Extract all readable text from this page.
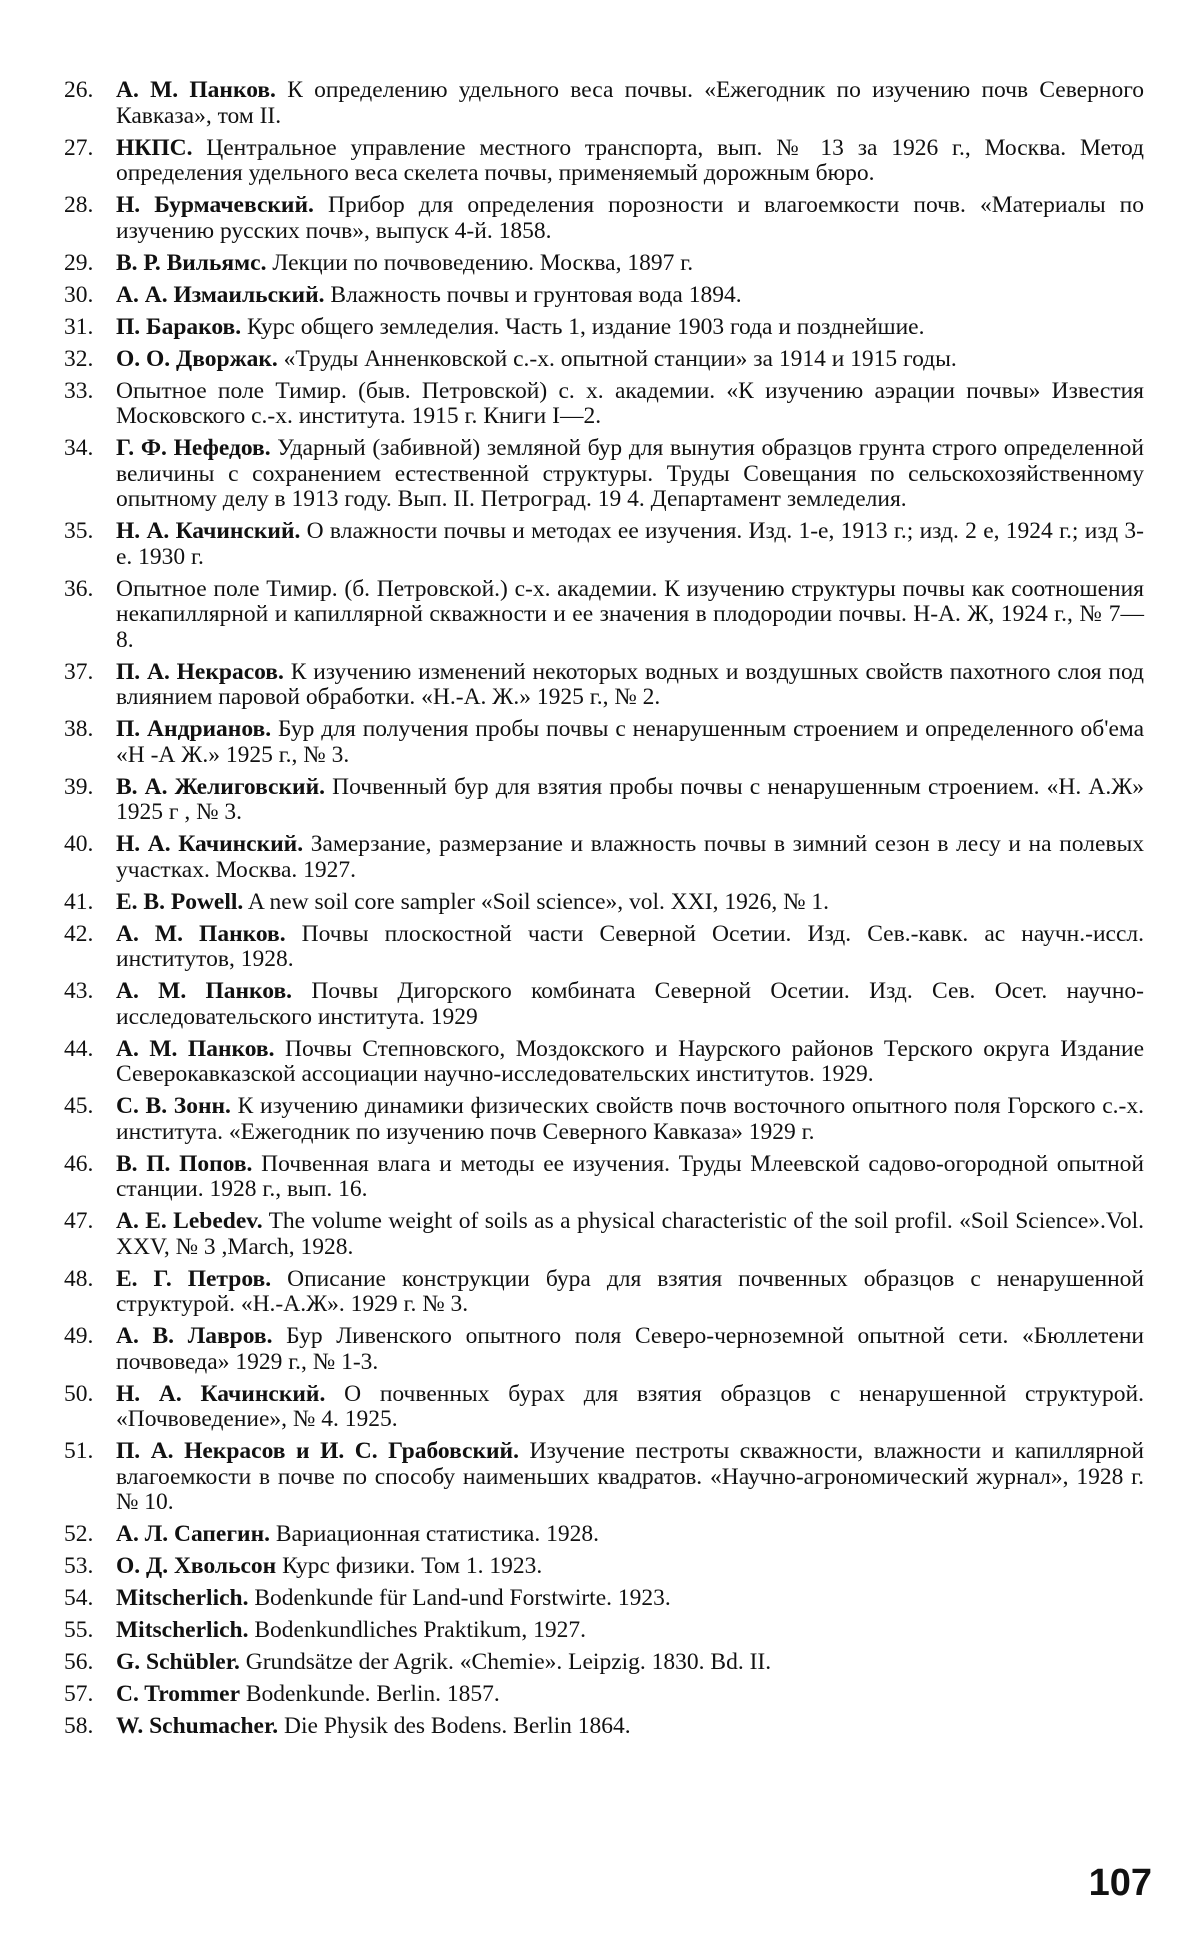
26. А. М. Панков. К определению удельного веса почвы. «Ежегодник по изучению почв Северного Кавказа», том II.
27. НКПС. Центральное управление местного транспорта, вып. № 13 за 1926 г., Москва. Метод определения удельного веса скелета почвы, применяемый дорожным бюро.
28. Н. Бурмачевский. Прибор для определения порозности и влагоемкости почв. «Материалы по изучению русских почв», выпуск 4-й. 1858.
29. В. Р. Вильямс. Лекции по почвоведению. Москва, 1897 г.
30. А. А. Измаильский. Влажность почвы и грунтовая вода 1894.
31. П. Бараков. Курс общего земледелия. Часть 1, издание 1903 года и позднейшие.
32. О. О. Дворжак. «Труды Анненковской с.-х. опытной станции» за 1914 и 1915 годы.
33. Опытное поле Тимир. (быв. Петровской) с. х. академии. «К изучению аэрации почвы» Известия Московского с.-х. института. 1915 г. Книги I—2.
34. Г. Ф. Нефедов. Ударный (забивной) земляной бур для вынутия образцов грунта строго определенной величины с сохранением естественной структуры. Труды Совещания по сельскохозяйственному опытному делу в 1913 году. Вып. II. Петроград. 19 4. Департамент земледелия.
35. Н. А. Качинский. О влажности почвы и методах ее изучения. Изд. 1-е, 1913 г.; изд. 2 е, 1924 г.; изд 3-е. 1930 г.
36. Опытное поле Тимир. (б. Петровской.) с-х. академии. К изучению структуры почвы как соотношения некапиллярной и капиллярной скважности и ее значения в плодородии почвы. Н-А. Ж, 1924 г., № 7—8.
37. П. А. Некрасов. К изучению изменений некоторых водных и воздушных свойств пахотного слоя под влиянием паровой обработки. «Н.-А. Ж.» 1925 г., № 2.
38. П. Андрианов. Бур для получения пробы почвы с ненарушенным строением и определенного об'ема «Н -А Ж.» 1925 г., № 3.
39. В. А. Желиговский. Почвенный бур для взятия пробы почвы с ненарушенным строением. «Н. А.Ж» 1925 г , № 3.
40. Н. А. Качинский. Замерзание, размерзание и влажность почвы в зимний сезон в лесу и на полевых участках. Москва. 1927.
41. E. B. Powell. A new soil core sampler «Soil science», vol. XXI, 1926, № 1.
42. А. М. Панков. Почвы плоскостной части Северной Осетии. Изд. Сев.-кавк. ас научн.-иссл. институтов, 1928.
43. А. М. Панков. Почвы Дигорского комбината Северной Осетии. Изд. Сев. Осет. научно-исследовательского института. 1929
44. А. М. Панков. Почвы Степновского, Моздокского и Наурского районов Терского округа Издание Северокавказской ассоциации научно-исследовательских институтов. 1929.
45. С. В. Зонн. К изучению динамики физических свойств почв восточного опытного поля Горского с.-х. института. «Ежегодник по изучению почв Северного Кавказа» 1929 г.
46. В. П. Попов. Почвенная влага и методы ее изучения. Труды Млеевской садово-огородной опытной станции. 1928 г., вып. 16.
47. A. E. Lebedev. The volume weight of soils as a physical characteristic of the soil profil. «Soil Science».Vol. XXV, № 3 ,March, 1928.
48. Е. Г. Петров. Описание конструкции бура для взятия почвенных образцов с ненарушенной структурой. «Н.-А.Ж». 1929 г. № 3.
49. А. В. Лавров. Бур Ливенского опытного поля Северо-черноземной опытной сети. «Бюллетени почвоведа» 1929 г., № 1-3.
50. Н. А. Качинский. О почвенных бурах для взятия образцов с ненарушенной структурой. «Почвоведение», № 4. 1925.
51. П. А. Некрасов и И. С. Грабовский. Изучение пестроты скважности, влажности и капиллярной влагоемкости в почве по способу наименьших квадратов. «Научно-агрономический журнал», 1928 г. № 10.
52. А. Л. Сапегин. Вариационная статистика. 1928.
53. О. Д. Хвольсон Курс физики. Том 1. 1923.
54. Mitscherlich. Bodenkunde für Land-und Forstwirte. 1923.
55. Mitscherlich. Bodenkundliches Praktikum, 1927.
56. G. Schübler. Grundsätze der Agrik. «Chemie». Leipzig. 1830. Bd. II.
57. C. Trommer Bodenkunde. Berlin. 1857.
58. W. Schumacher. Die Physik des Bodens. Berlin 1864.
107
